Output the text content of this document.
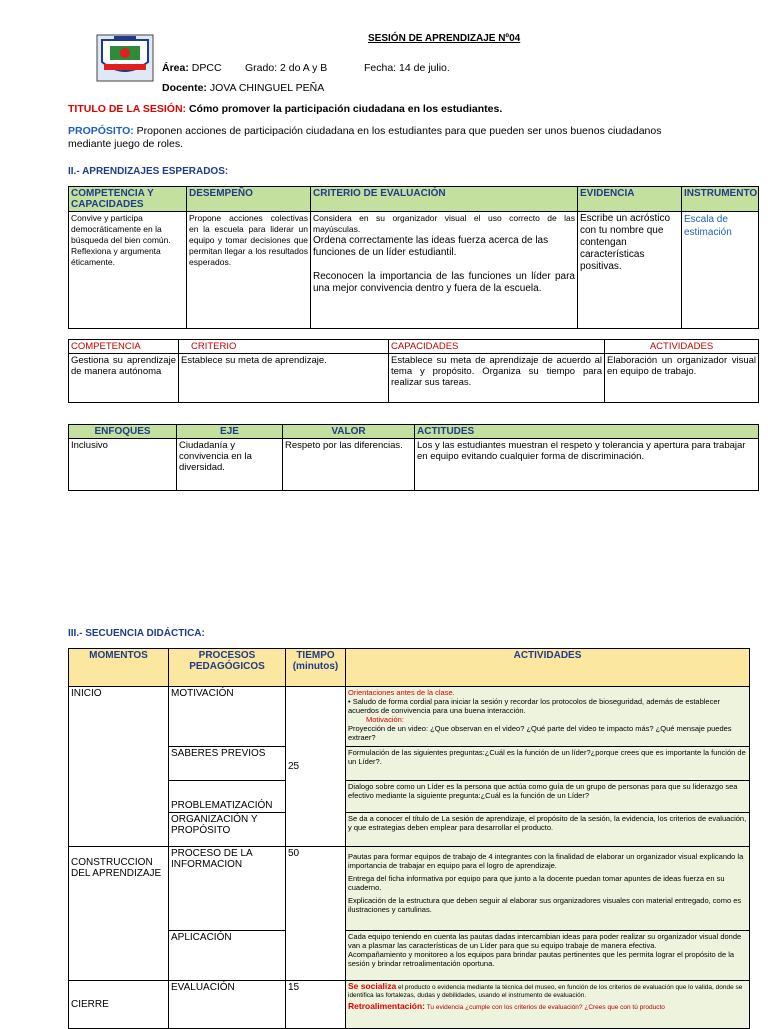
SESIÓN DE APRENDIZAJE Nº04
Área: DPCC Grado: 2 do A y B	Fecha: 14 de julio.
Docente: JOVA CHINGUEL PEÑA
TITULO DE LA SESIÓN: Cómo promover la participación ciudadana en los estudiantes.
PROPÓSITO: Proponen acciones de participación ciudadana en los estudiantes para que pueden ser unos buenos ciudadanos mediante juego de roles.
II.- APRENDIZAJES ESPERADOS:
COMPETENCIA Y CAPACIDADES	DESEMPEÑO	CRITERIO DE EVALUACIÓN	EVIDENCIA	INSTRUMENTO
Convive y participa democráticamente en la búsqueda del bien común. Reflexiona y argumenta éticamente.	Propone acciones colectivas en la escuela para liderar un equipo y tomar decisiones que permitan llegar a los resultados esperados.	Considera en su organizador visual el uso correcto de las mayúsculas.
Ordena correctamente las ideas fuerza acerca de las funciones de un líder estudiantil.
Reconocen la importancia de las funciones un líder para una mejor convivencia dentro y fuera de la escuela.	Escribe un acróstico con tu nombre que contengan características positivas.	Escala de estimación
COMPETENCIA	CRITERIO	CAPACIDADES	ACTIVIDADES
Gestiona su aprendizaje de manera autónoma	Establece su meta de aprendizaje.	Establece su meta de aprendizaje de acuerdo al tema y propósito. Organiza su tiempo para realizar sus tareas.	Elaboración un organizador visual en equipo de trabajo.
ENFOQUES	EJE	VALOR	ACTITUDES
Inclusivo	Ciudadanía y convivencia en la diversidad.	Respeto por las diferencias.	Los y las estudiantes muestran el respeto y tolerancia y apertura para trabajar en equipo evitando cualquier forma de discriminación.
III.- SECUENCIA DIDÁCTICA:
MOMENTOS	PROCESOS PEDAGÓGICOS	TIEMPO (minutos)	ACTIVIDADES
INICIO	MOTIVACIÓN	25	Orientaciones antes de la clase.
• Saludo de forma cordial para iniciar la sesión y recordar los protocolos de bioseguridad, además de establecer acuerdos de convivencia para una buena interacción.
Motivación:
Proyección de un video: ¿Que observan en el video? ¿Qué parte del video te impacto más? ¿Qué mensaje puedes extraer?

	SABERES PREVIOS		Formulación de las siguientes preguntas:¿Cuál es la función de un líder?¿porque crees que es importante la función de un Líder?.
	PROBLEMATIZACIÓN		Dialogo sobre como un Líder es la persona que actúa como guía de un grupo de personas para que su liderazgo sea efectivo mediante la siguiente pregunta:¿Cuál es la función de un Líder?
	ORGANIZACIÓN Y PROPÓSITO		Se da a conocer el título de La sesión de aprendizaje, el propósito de la sesión, la evidencia, los criterios de evaluación, y que estrategias deben emplear para desarrollar el producto.
CONSTRUCCION DEL APRENDIZAJE	PROCESO DE LA INFORMACION	50	Pautas para formar equipos de trabajo de 4 integrantes con la finalidad de elaborar un organizador visual explicando la importancia de trabajar en equipo para el logro de aprendizaje.
Entrega del ficha informativa por equipo para que junto a la docente puedan tomar apuntes de ideas fuerza en su cuaderno.
Explicación de la estructura que deben seguir al elaborar sus organizadores visuales con material entregado, como es ilustraciones y cartulinas.

	APLICACIÓN		Cada equipo teniendo en cuenta las pautas dadas intercambian ideas para poder realizar su organizador visual donde van a plasmar las características de un Líder para que su equipo trabaje de manera efectiva.
Acompañamiento y monitoreo a los equipos para brindar pautas pertinentes que les permita lograr el propósito de la sesión y brindar retroalimentación oportuna.

CIERRE	EVALUACIÓN	15	Se socializa el producto o evidencia mediante la técnica del museo, en función de los criterios de evaluación que lo valida, donde se identifica las fortalezas, dudas y debilidades, usando el instrumento de evaluación.
Retroalimentación: Tu evidencia ¿cumple con los criterios de evaluación? ¿Crees que con tú producto
